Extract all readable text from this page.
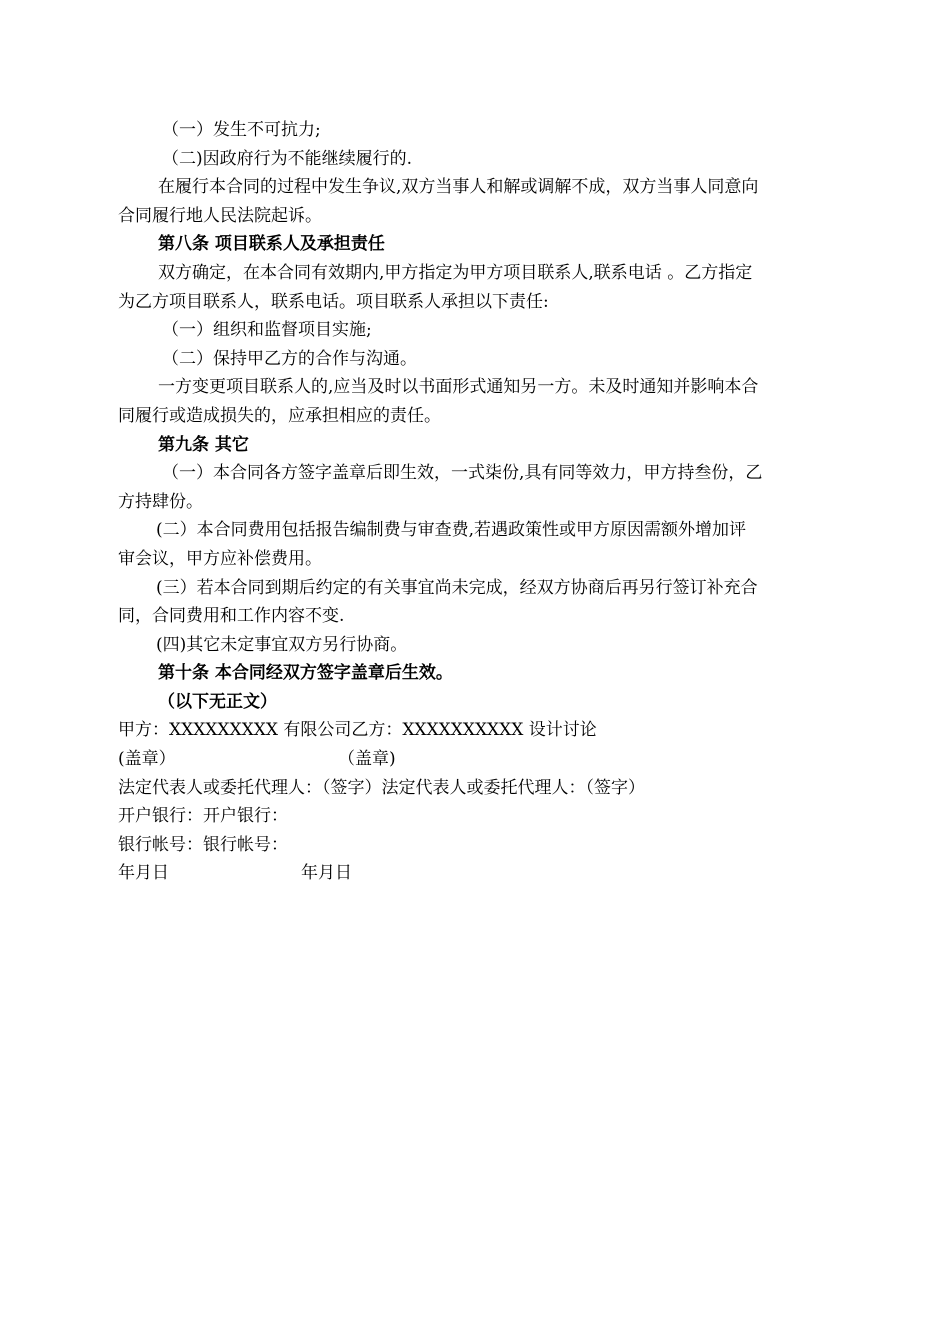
（一）发生不可抗力;

（二)因政府行为不能继续履行的.

在履行本合同的过程中发生争议,双方当事人和解或调解不成，双方当事人同意向

合同履行地人民法院起诉。

第八条 项目联系人及承担责任

双方确定，在本合同有效期内,甲方指定为甲方项目联系人,联系电话 。乙方指定

为乙方项目联系人，联系电话。项目联系人承担以下责任:

（一）组织和监督项目实施;

（二）保持甲乙方的合作与沟通。

一方变更项目联系人的,应当及时以书面形式通知另一方。未及时通知并影响本合

同履行或造成损失的，应承担相应的责任。

第九条 其它

（一）本合同各方签字盖章后即生效，一式柒份,具有同等效力，甲方持叁份，乙

方持肆份。

(二）本合同费用包括报告编制费与审查费,若遇政策性或甲方原因需额外增加评

审会议，甲方应补偿费用。

(三）若本合同到期后约定的有关事宜尚未完成，经双方协商后再另行签订补充合

同，合同费用和工作内容不变.

(四)其它未定事宜双方另行协商。

第十条 本合同经双方签字盖章后生效。

（以下无正文）

甲方：XXXXXXXXX 有限公司乙方：XXXXXXXXXX 设计讨论

(盖章）	（盖章)

法定代表人或委托代理人：（签字）法定代表人或委托代理人：（签字）

开户银行：开户银行：

银行帐号：银行帐号：

年月日	年月日
